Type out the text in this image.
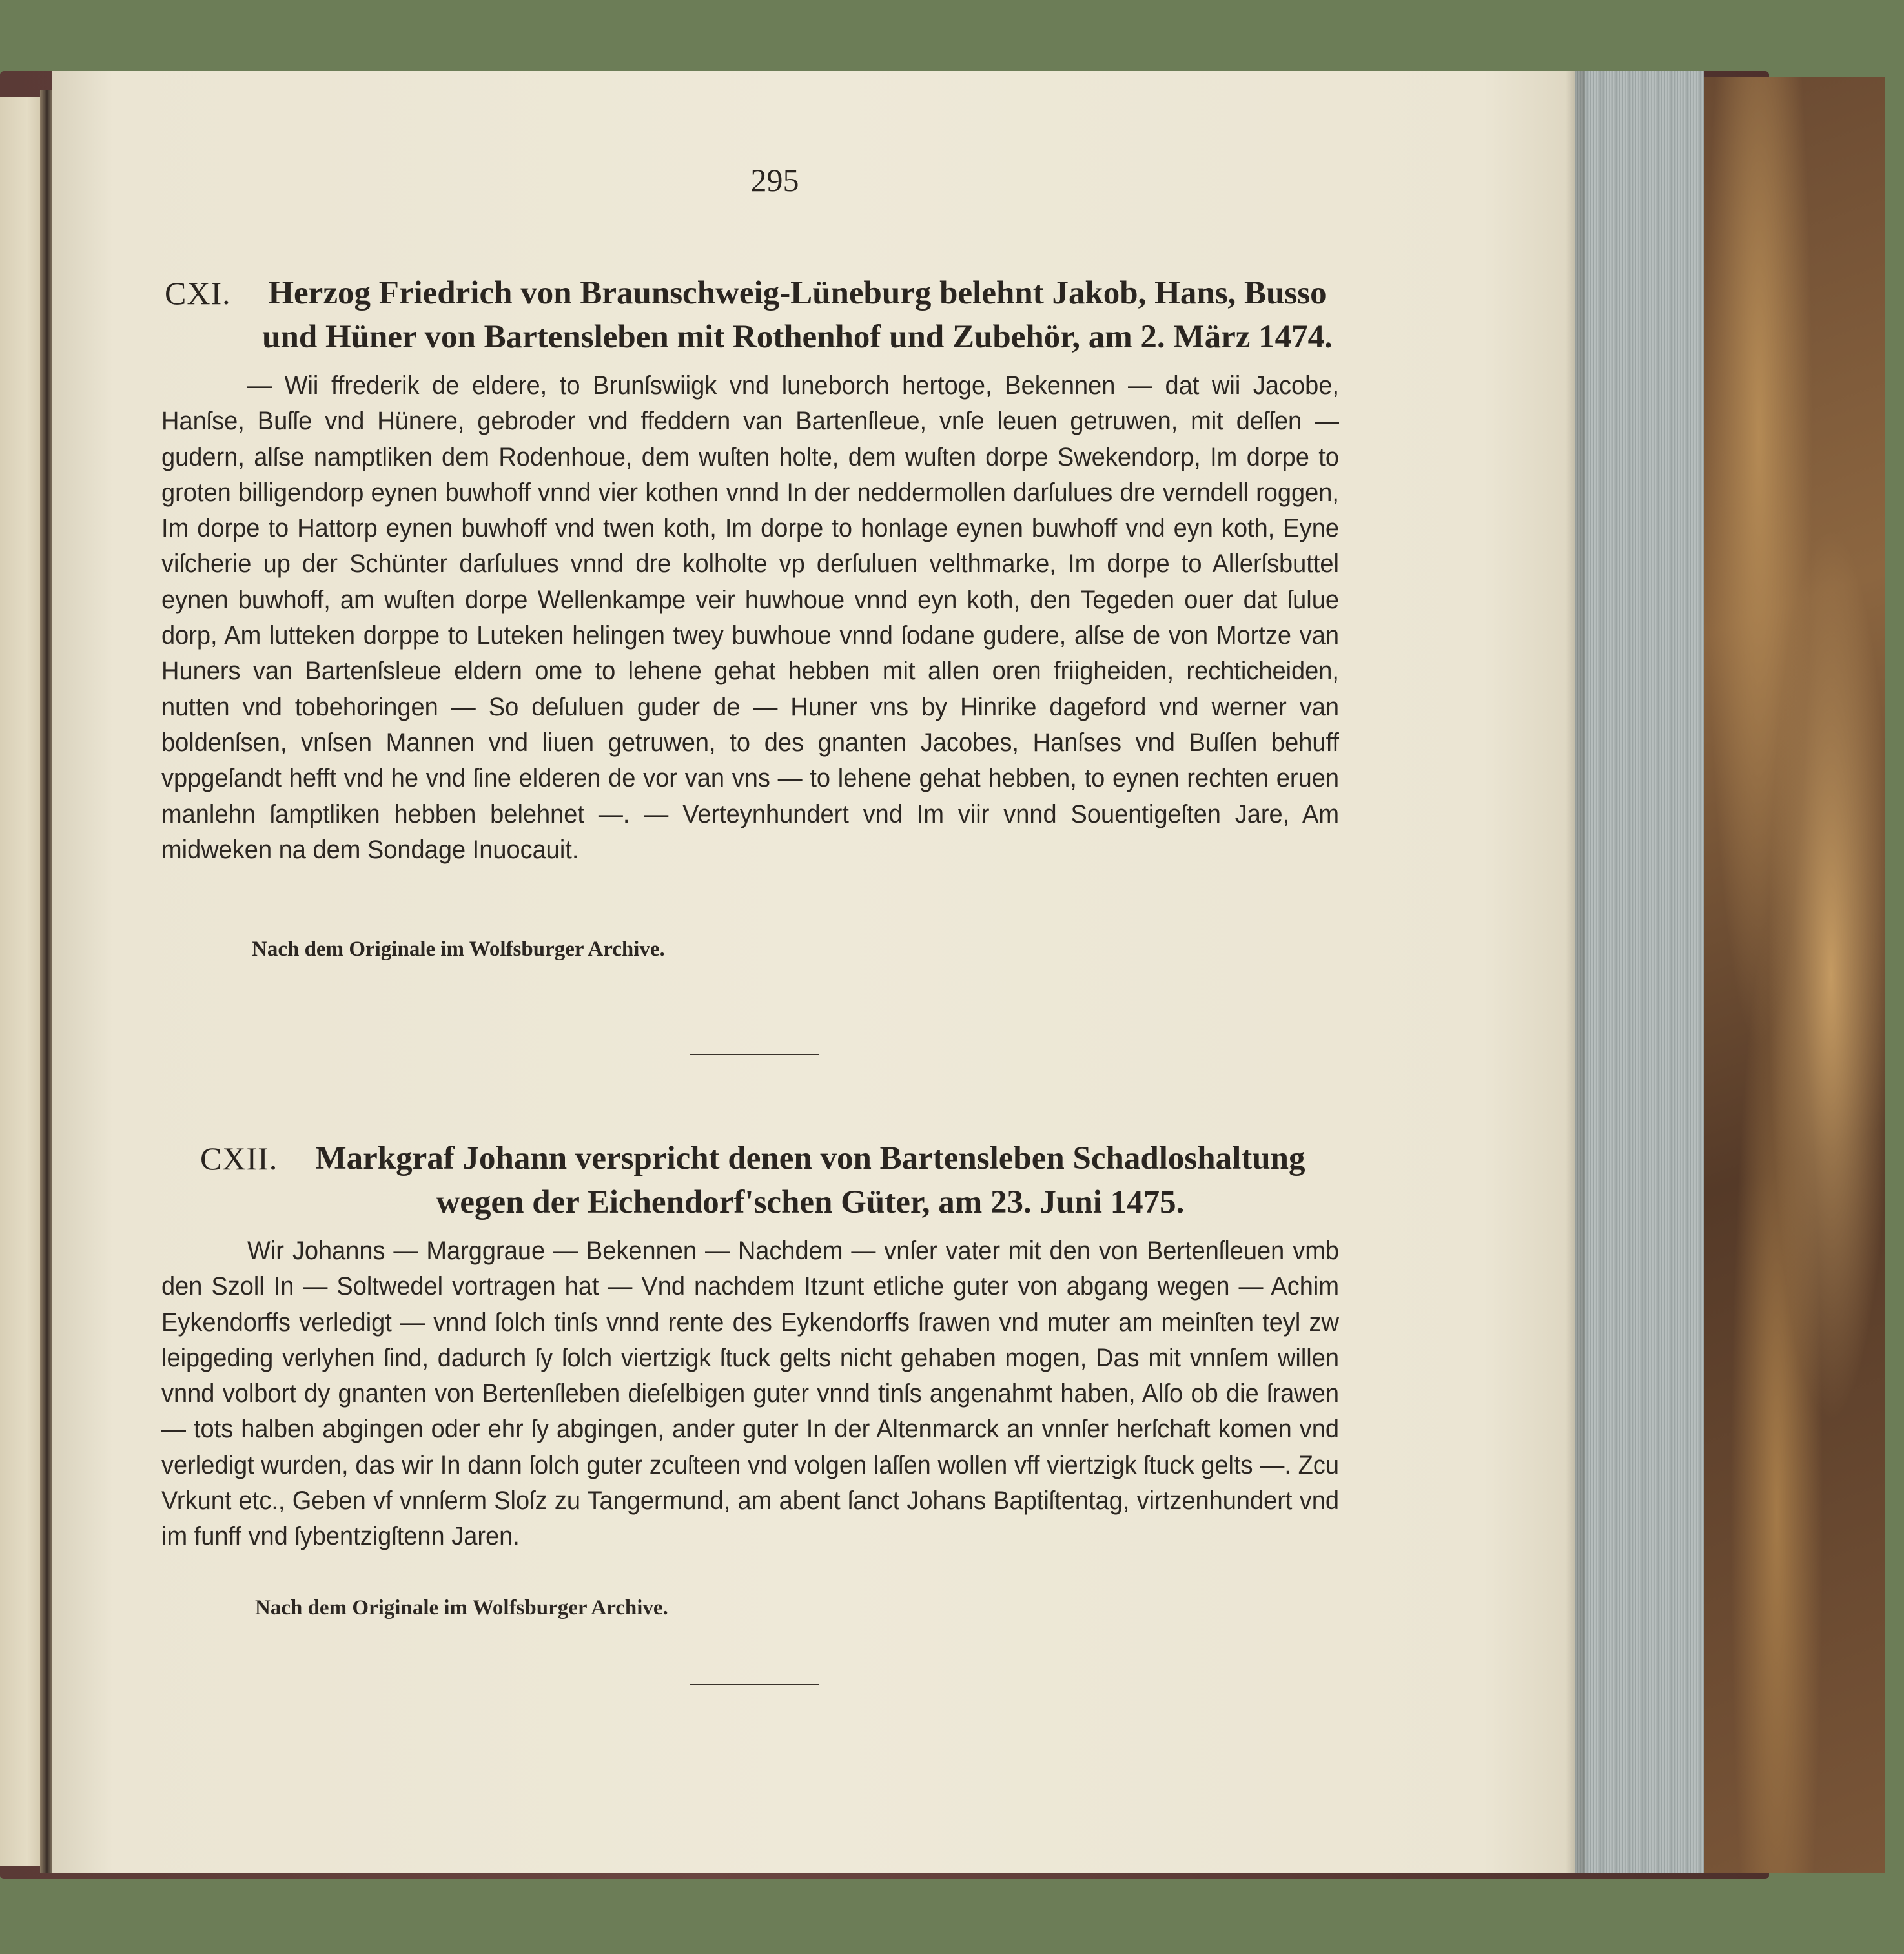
295
CXI.	Herzog Friedrich von Braunschweig-Lüneburg belehnt Jakob, Hans, Busso und Hüner von Bartensleben mit Rothenhof und Zubehör, am 2. März 1474.

— Wii ffrederik de eldere, to Brunſswiigk vnd luneborch hertoge, Bekennen — dat wii Jacobe, Hanſse, Buſſe vnd Hünere, gebroder vnd ffeddern van Bartenſleue, vnſe leuen getruwen, mit deſſen — gudern, alſse namptliken dem Rodenhoue, dem wuſten holte, dem wuſten dorpe Swekendorp, Im dorpe to groten billigendorp eynen buwhoff vnnd vier kothen vnnd In der neddermollen darſulues dre verndell roggen, Im dorpe to Hattorp eynen buwhoff vnd twen koth, Im dorpe to honlage eynen buwhoff vnd eyn koth, Eyne viſcherie up der Schünter darſulues vnnd dre kolholte vp derſuluen velthmarke, Im dorpe to Allerſsbuttel eynen buwhoff, am wuſten dorpe Wellenkampe veir huwhoue vnnd eyn koth, den Tegeden ouer dat ſulue dorp, Am lutteken dorppe to Luteken helingen twey buwhoue vnnd ſodane gudere, alſse de von Mortze van Huners van Bartenſsleue eldern ome to lehene gehat hebben mit allen oren friigheiden, rechticheiden, nutten vnd tobehoringen — So deſuluen guder de — Huner vns by Hinrike dageford vnd werner van boldenſsen, vnſsen Mannen vnd liuen getruwen, to des gnanten Jacobes, Hanſses vnd Buſſen behuff vppgeſandt hefft vnd he vnd ſine elderen de vor van vns — to lehene gehat hebben, to eynen rechten eruen manlehn ſamptliken hebben belehnet —. — Verteynhundert vnd Im viir vnnd Souentigeſten Jare, Am midweken na dem Sondage Inuocauit.

Nach dem Originale im Wolfsburger Archive.
CXII.	Markgraf Johann verspricht denen von Bartensleben Schadloshaltung wegen der Eichendorf'schen Güter, am 23. Juni 1475.

Wir Johanns — Marggraue — Bekennen — Nachdem — vnſer vater mit den von Bertenſleuen vmb den Szoll In — Soltwedel vortragen hat — Vnd nachdem Itzunt etliche guter von abgang wegen — Achim Eykendorffs verledigt — vnnd ſolch tinſs vnnd rente des Eykendorffs ſrawen vnd muter am meinſten teyl zw leipgeding verlyhen ſind, dadurch ſy ſolch viertzigk ſtuck gelts nicht gehaben mogen, Das mit vnnſem willen vnnd volbort dy gnanten von Bertenſleben dieſelbigen guter vnnd tinſs angenahmt haben, Alſo ob die ſrawen — tots halben abgingen oder ehr ſy abgingen, ander guter In der Altenmarck an vnnſer herſchaft komen vnd verledigt wurden, das wir In dann ſolch guter zcuſteen vnd volgen laſſen wollen vff viertzigk ſtuck gelts —. Zcu Vrkunt etc., Geben vf vnnſerm Sloſz zu Tangermund, am abent ſanct Johans Baptiſtentag, virtzenhundert vnd im funff vnd ſybentzigſtenn Jaren.

Nach dem Originale im Wolfsburger Archive.
